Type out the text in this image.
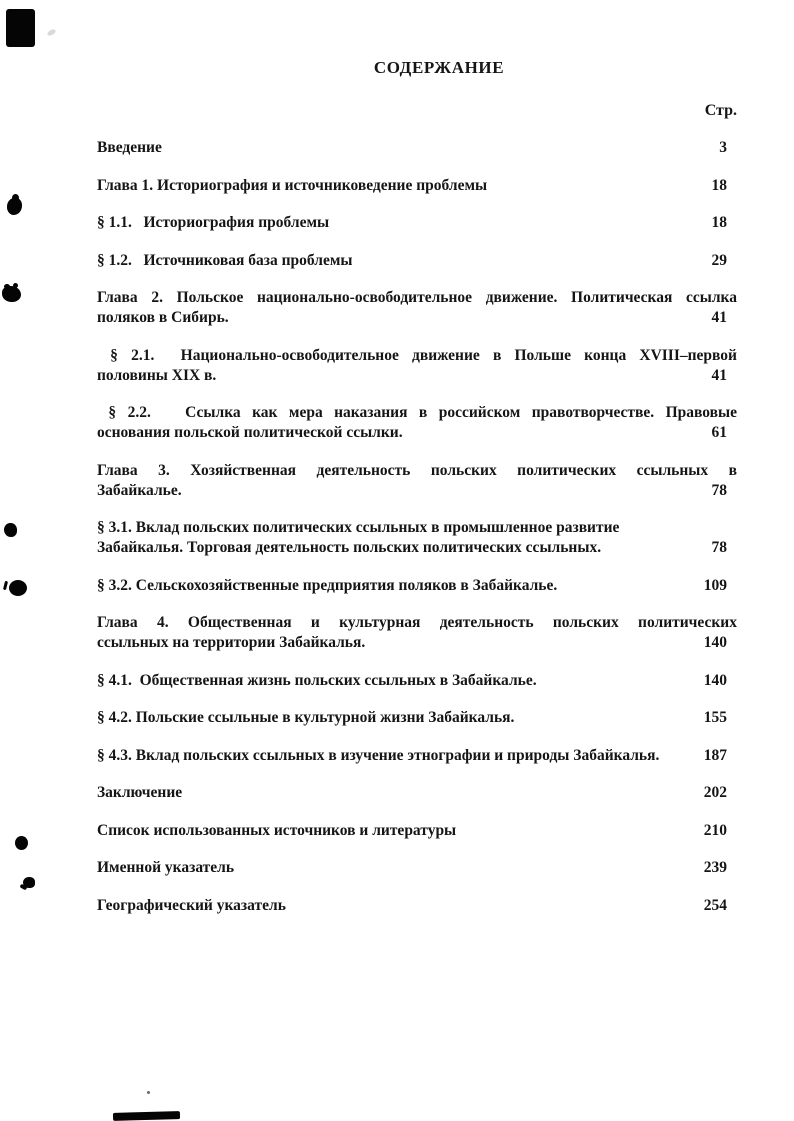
СОДЕРЖАНИЕ
Стр.
Введение	3
Глава 1. Историография и источниковедение проблемы	18
§ 1.1.   Историография проблемы	18
§ 1.2.   Источниковая база проблемы	29
Глава 2. Польское национально-освободительное движение. Политическая ссылка
поляков в Сибирь.	41
§ 2.1.  Национально-освободительное движение в Польше конца XVIII–первой
половины XIX в.	41
§ 2.2.   Ссылка как мера наказания в российском правотворчестве. Правовые
основания польской политической ссылки.	61
Глава 3. Хозяйственная деятельность польских политических ссыльных в
Забайкалье.	78
§ 3.1. Вклад польских политических ссыльных в промышленное развитие
Забайкалья. Торговая деятельность польских политических ссыльных.	78
§ 3.2. Сельскохозяйственные предприятия поляков в Забайкалье.	109
Глава 4. Общественная и культурная деятельность польских политических
ссыльных на территории Забайкалья.	140
§ 4.1.  Общественная жизнь польских ссыльных в Забайкалье.	140
§ 4.2. Польские ссыльные в культурной жизни Забайкалья.	155
§ 4.3. Вклад польских ссыльных в изучение этнографии и природы Забайкалья.	187
Заключение	202
Список использованных источников и литературы	210
Именной указатель	239
Географический указатель	254
